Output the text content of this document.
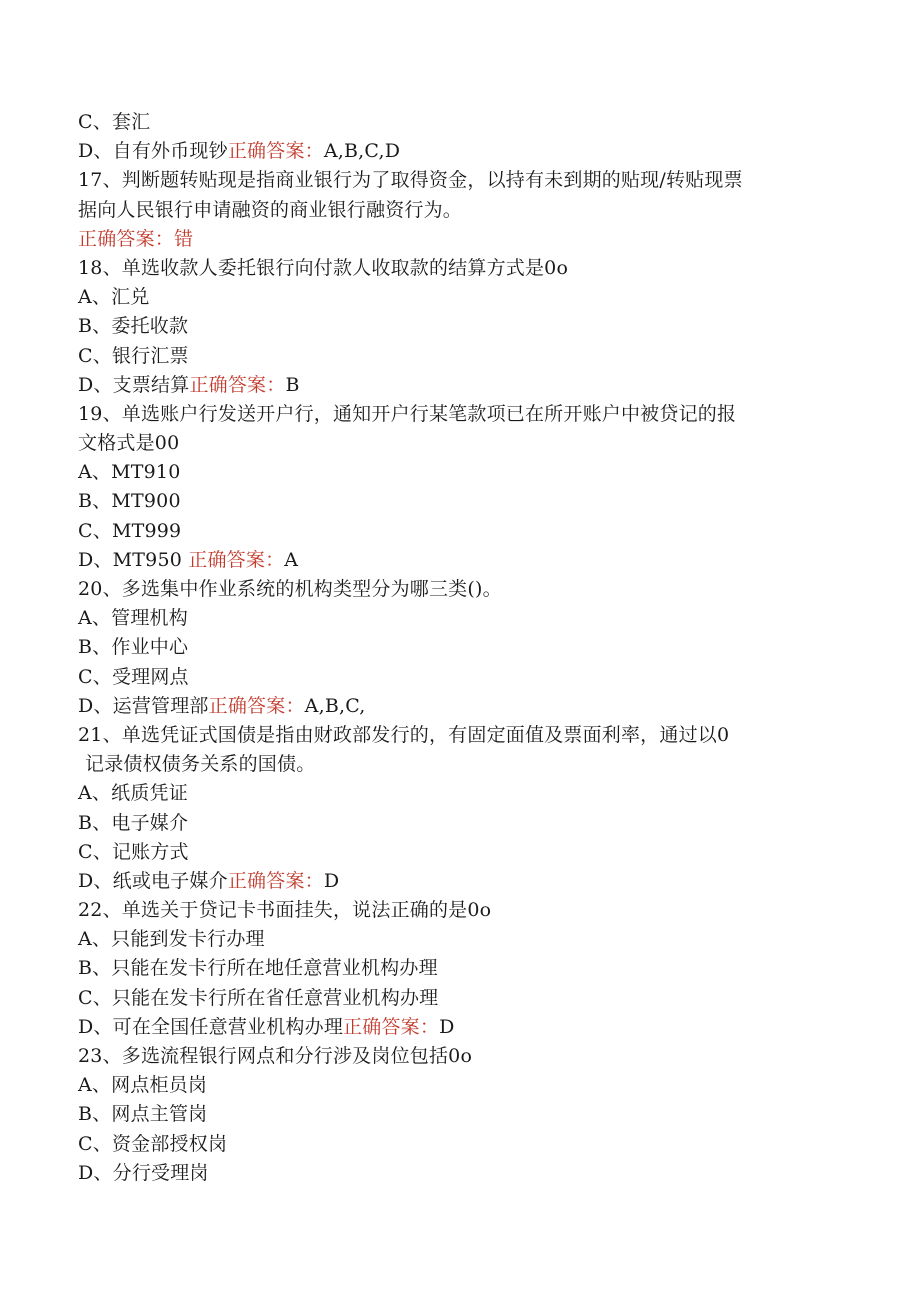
C、套汇
D、自有外币现钞正确答案：A,B,C,D
17、判断题转贴现是指商业银行为了取得资金，以持有未到期的贴现/转贴现票
据向人民银行申请融资的商业银行融资行为。
正确答案：错
18、单选收款人委托银行向付款人收取款的结算方式是0o
A、汇兑
B、委托收款
C、银行汇票
D、支票结算正确答案：B
19、单选账户行发送开户行，通知开户行某笔款项已在所开账户中被贷记的报
文格式是00
A、MT910
B、MT900
C、MT999
D、MT950 正确答案：A
20、多选集中作业系统的机构类型分为哪三类()。
A、管理机构
B、作业中心
C、受理网点
D、运营管理部正确答案：A,B,C,
21、单选凭证式国债是指由财政部发行的，有固定面值及票面利率，通过以0
记录债权债务关系的国债。
A、纸质凭证
B、电子媒介
C、记账方式
D、纸或电子媒介正确答案：D
22、单选关于贷记卡书面挂失，说法正确的是0o
A、只能到发卡行办理
B、只能在发卡行所在地任意营业机构办理
C、只能在发卡行所在省任意营业机构办理
D、可在全国任意营业机构办理正确答案：D
23、多选流程银行网点和分行涉及岗位包括0o
A、网点柜员岗
B、网点主管岗
C、资金部授权岗
D、分行受理岗
